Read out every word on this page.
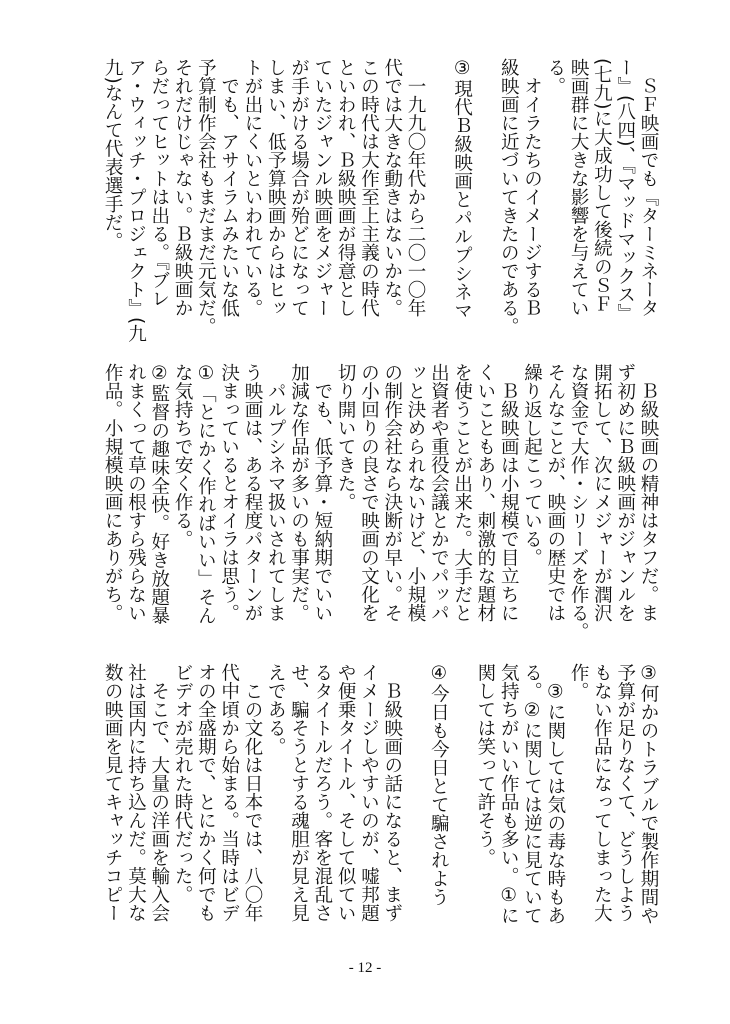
　ＳＦ映画でも『ターミネータ
ー』(八四)、『マッドマックス』
(七九)に大成功して後続のＳＦ
映画群に大きな影響を与えてい
る。
　オイラたちのイメージするＢ
級映画に近づいてきたのである。
③現代Ｂ級映画とパルプシネマ
　一九九〇年代から二〇一〇年
代では大きな動きはないかな。
この時代は大作至上主義の時代
といわれ、Ｂ級映画が得意とし
ていたジャンル映画をメジャー
が手がける場合が殆どになって
しまい、低予算映画からはヒッ
トが出にくいといわれている。
　でも、アサイラムみたいな低
予算制作会社もまだまだ元気だ。
それだけじゃない。Ｂ級映画か
らだってヒットは出る。『ブレ
ア・ウィッチ・プロジェクト』(九
九)なんて代表選手だ。
　Ｂ級映画の精神はタフだ。ま
ず初めにＢ級映画がジャンルを
開拓して、次にメジャーが潤沢
な資金で大作・シリーズを作る。
そんなことが、映画の歴史では
繰り返し起こっている。
　Ｂ級映画は小規模で目立ちに
くいこともあり、刺激的な題材
を使うことが出来た。大手だと
出資者や重役会議とかでパッパ
ッと決められないけど、小規模
の制作会社なら決断が早い。そ
の小回りの良さで映画の文化を
切り開いてきた。
　でも、低予算・短納期でいい
加減な作品が多いのも事実だ。
　パルプシネマ扱いされてしま
う映画は、ある程度パターンが
決まっているとオイラは思う。
①「とにかく作ればいい」そん
な気持ちで安く作る。
②監督の趣味全快。好き放題暴
れまくって草の根すら残らない
作品。小規模映画にありがち。
③何かのトラブルで製作期間や
予算が足りなくて、どうしよう
もない作品になってしまった大
作。
　③に関しては気の毒な時もあ
る。②に関しては逆に見ていて
気持ちがいい作品も多い。①に
関しては笑って許そう。
④今日も今日とて騙されよう
　Ｂ級映画の話になると、まず
イメージしやすいのが、嘘邦題
や便乗タイトル、そして似てい
るタイトルだろう。客を混乱さ
せ、騙そうとする魂胆が見え見
えである。
　この文化は日本では、八〇年
代中頃から始まる。当時はビデ
オの全盛期で、とにかく何でも
ビデオが売れた時代だった。
　そこで、大量の洋画を輸入会
社は国内に持ち込んだ。莫大な
数の映画を見てキャッチコピー
- 12 -
